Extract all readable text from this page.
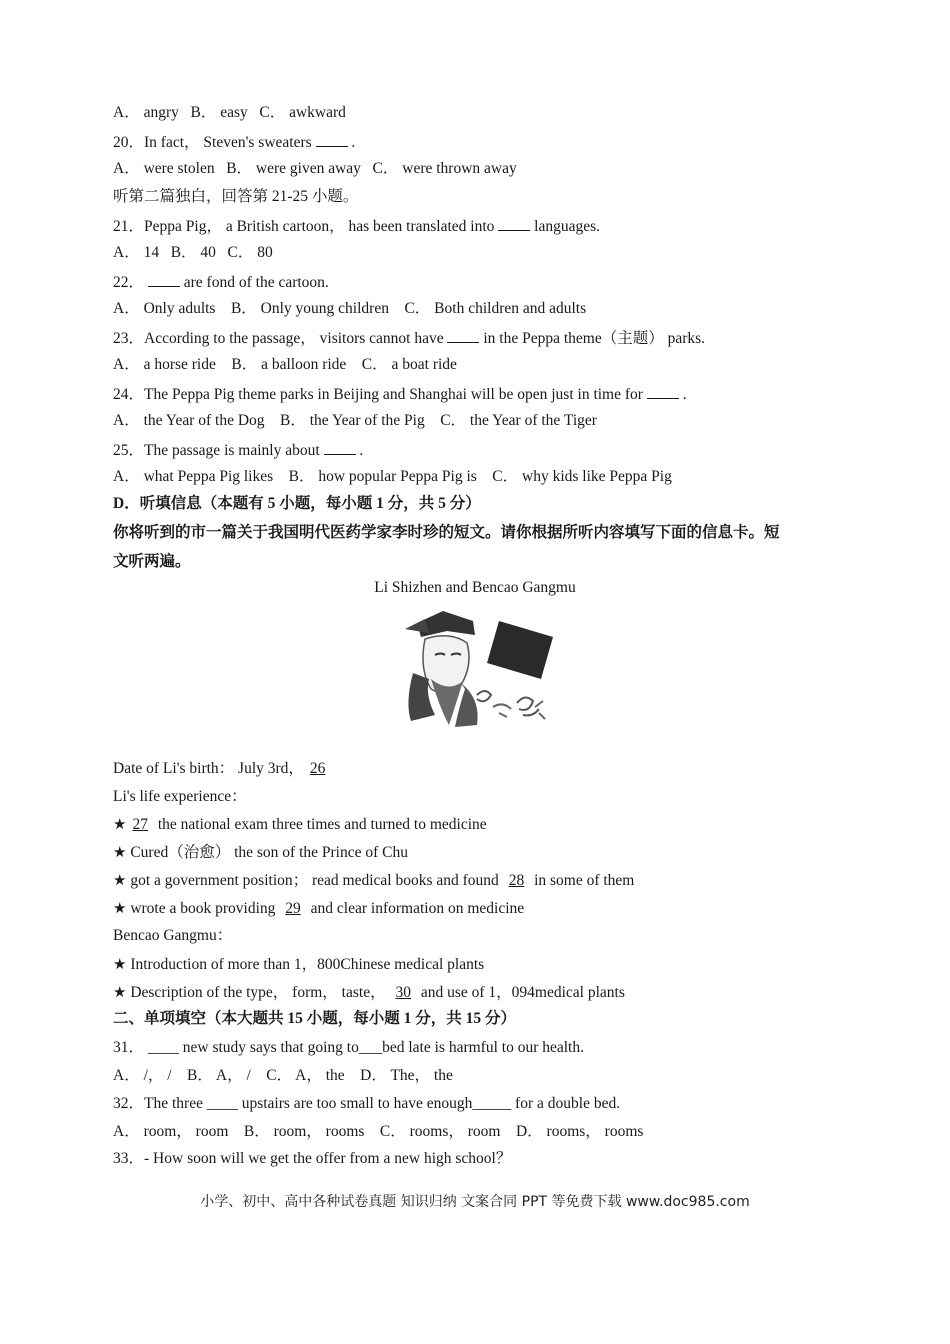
A． angry   B． easy   C． awkward
20．In fact， Steven's sweaters  .
A． were stolen   B． were given away   C． were thrown away
听第二篇独白，回答第 21-25 小题。
21．Peppa Pig， a British cartoon， has been translated into  languages.
A． 14   B． 40   C． 80
22．  are fond of the cartoon.
A． Only adults    B． Only young children    C． Both children and adults
23．According to the passage， visitors cannot have  in the Peppa theme（主题） parks.
A． a horse ride    B． a balloon ride    C． a boat ride
24．The Peppa Pig theme parks in Beijing and Shanghai will be open just in time for  .
A． the Year of the Dog    B． the Year of the Pig    C． the Year of the Tiger
25．The passage is mainly about  .
A． what Peppa Pig likes    B． how popular Peppa Pig is    C． why kids like Peppa Pig
D．听填信息（本题有 5 小题，每小题 1 分，共 5 分）
你将听到的市一篇关于我国明代医药学家李时珍的短文。请你根据所听内容填写下面的信息卡。短
文听两遍。
Li Shizhen and Bencao Gangmu
Date of Li's birth： July 3rd， 26
Li's life experience：
★ 27 the national exam three times and turned to medicine
★ Cured（治愈） the son of the Prince of Chu
★ got a government position； read medical books and found 28 in some of them
★ wrote a book providing 29 and clear information on medicine
Bencao Gangmu：
★ Introduction of more than 1，800Chinese medical plants
★ Description of the type， form， taste， 30 and use of 1，094medical plants
二、单项填空（本大题共 15 小题，每小题 1 分，共 15 分）
31． ____ new study says that going to___bed late is harmful to our health.
A． /， /    B． A， /    C． A， the    D． The， the
32．The three ____ upstairs are too small to have enough_____ for a double bed.
A． room， room    B． room， rooms    C． rooms， room    D． rooms， rooms
33．- How soon will we get the offer from a new high school？
小学、初中、高中各种试卷真题 知识归纳 文案合同 PPT 等免费下载 www.doc985.com
